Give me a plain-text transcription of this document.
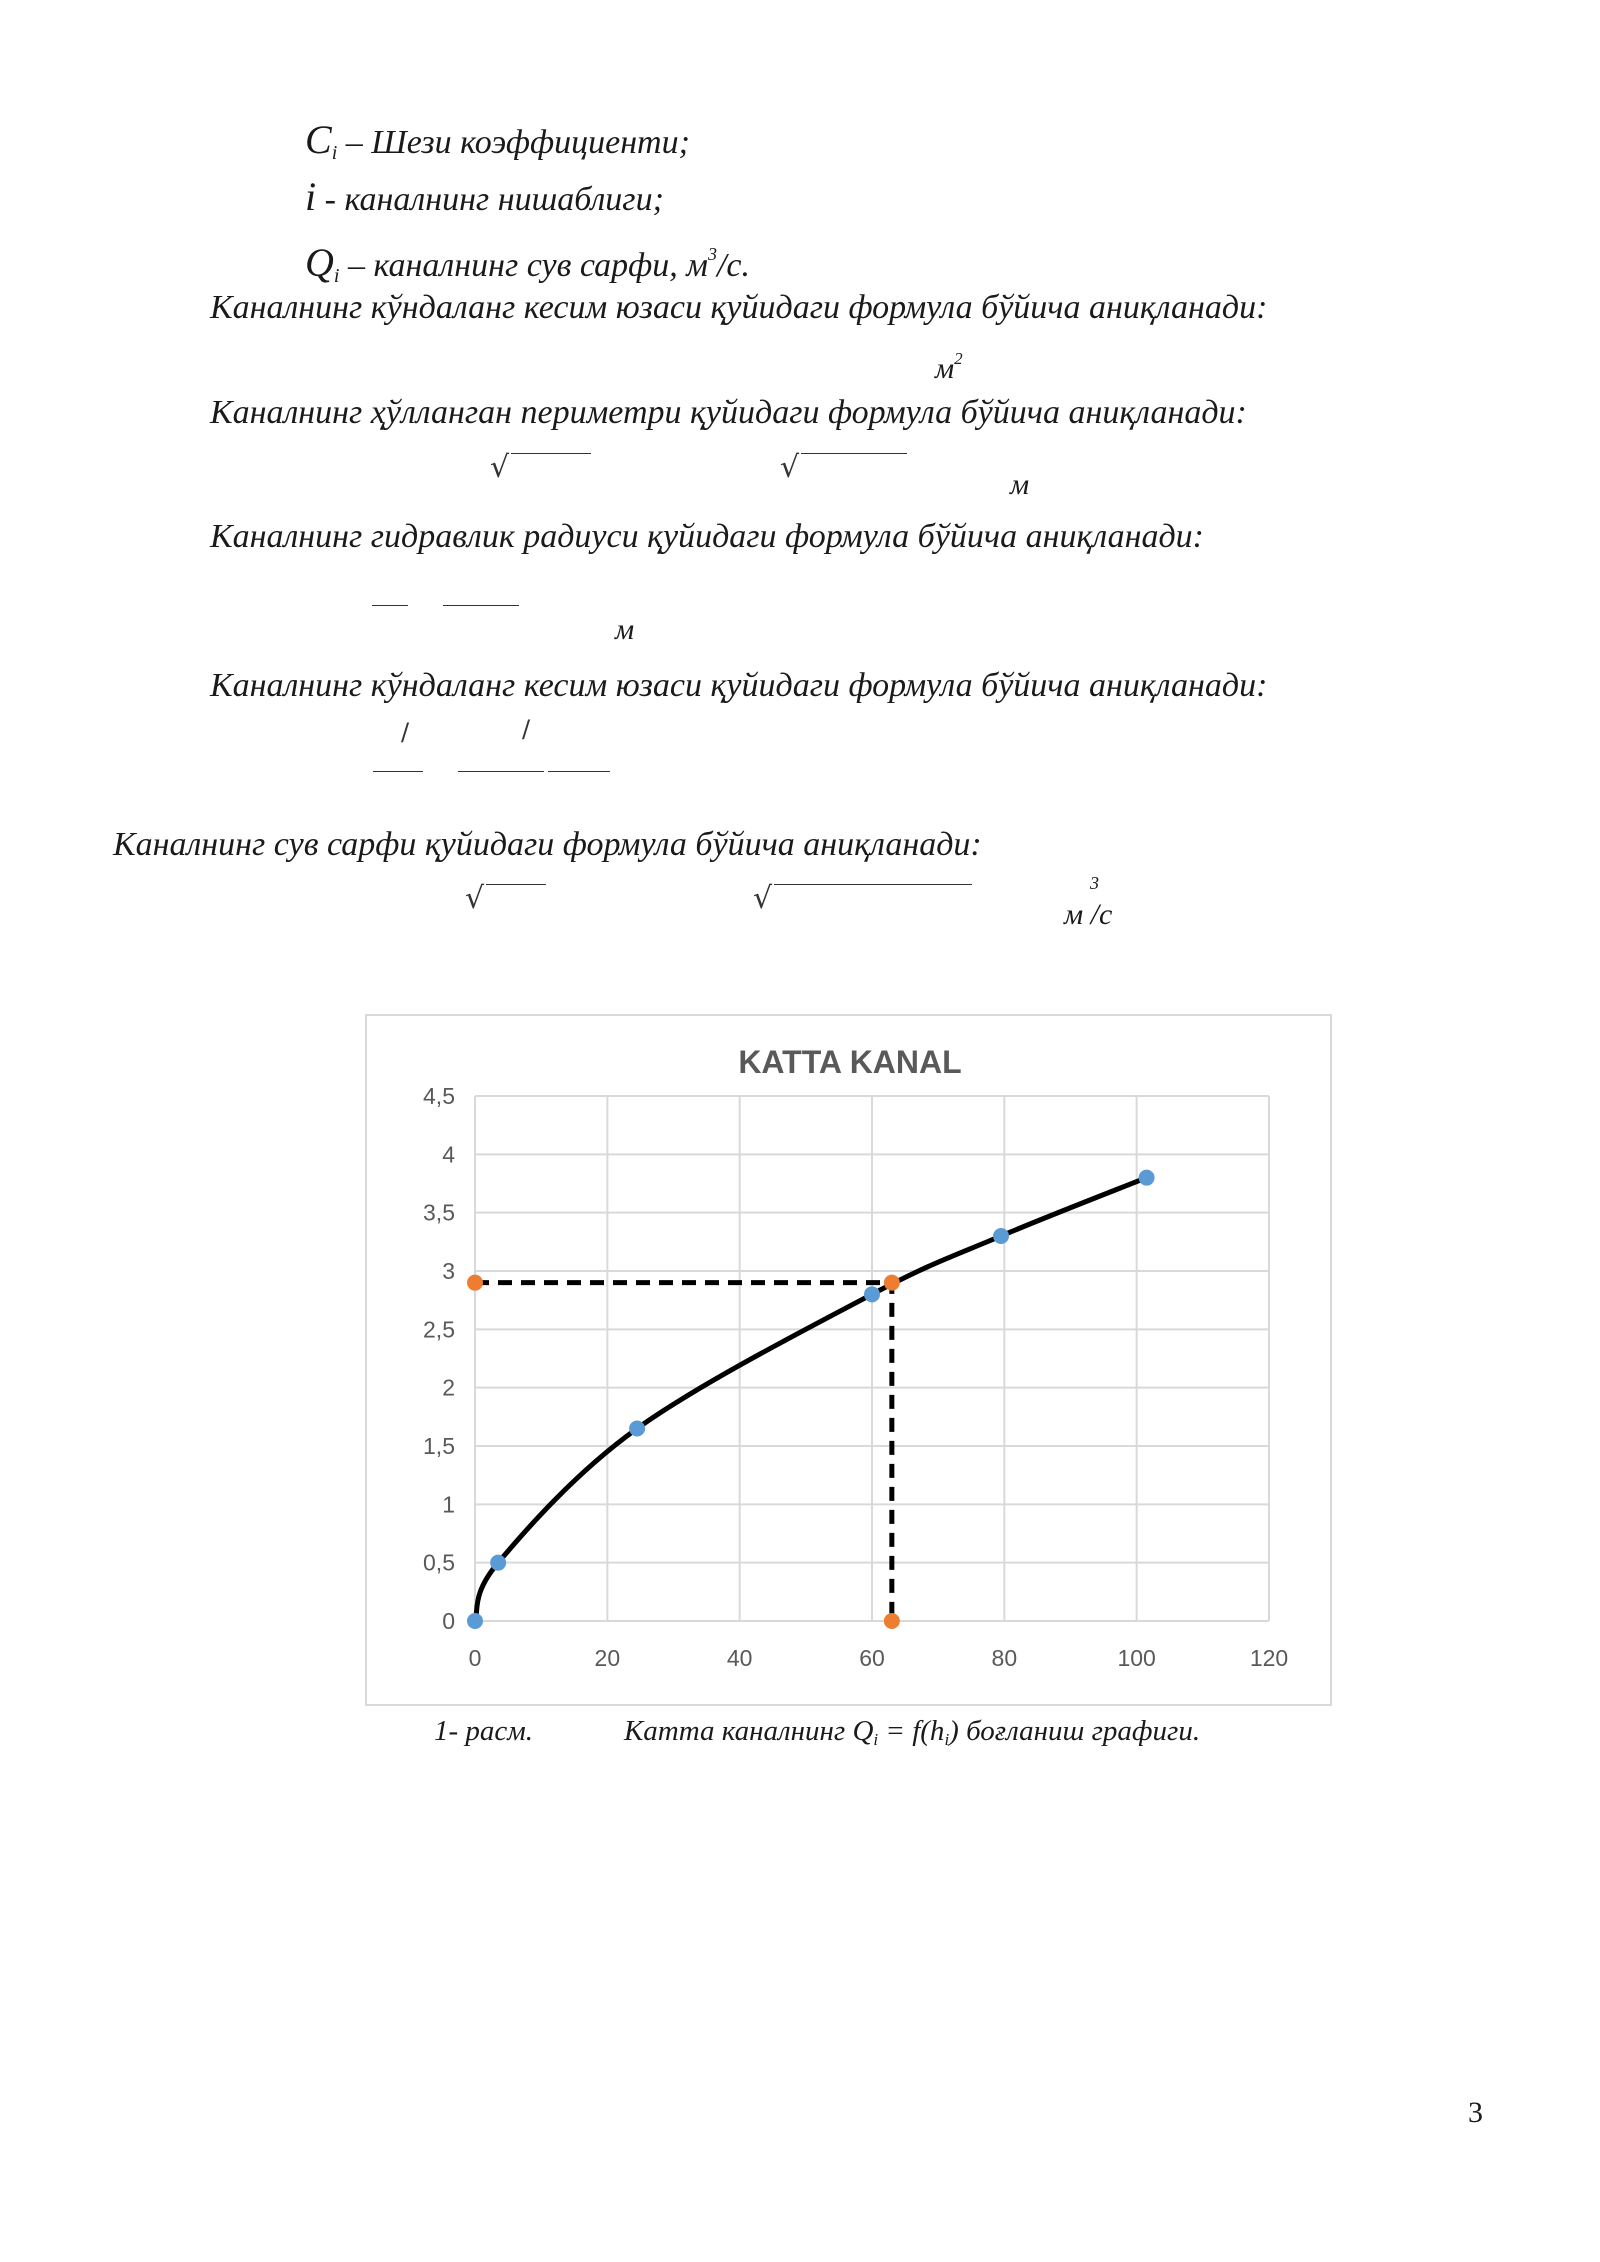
$C_i$ – Шези коэффициенти;
i - каналнинг нишаблиги;
$Q_i$ – каналнинг сув сарфи, $м^3/с$.
Каналнинг кўндаланг кесим юзаси қуйидаги формула бўйича аниқланади:
$м^2$
Каналнинг ҳўлланган периметри қуйидаги формула бўйича аниқланади:
√	√	м
Каналнинг гидравлик радиуси қуйидаги формула бўйича аниқланади:
м
Каналнинг кўндаланг кесим юзаси қуйидаги формула бўйича аниқланади:
/	/
Каналнинг сув сарфи қуйидаги формула бўйича аниқланади:
√	√	3
м /с
0
0,5
1
1,5
2
2,5
3
3,5
4
4,5
0	20	40	60	80	100	120
KATTA KANAL
1- расм.	Катта каналнинг Qi = f(hi) боғланиш графиги.
3
